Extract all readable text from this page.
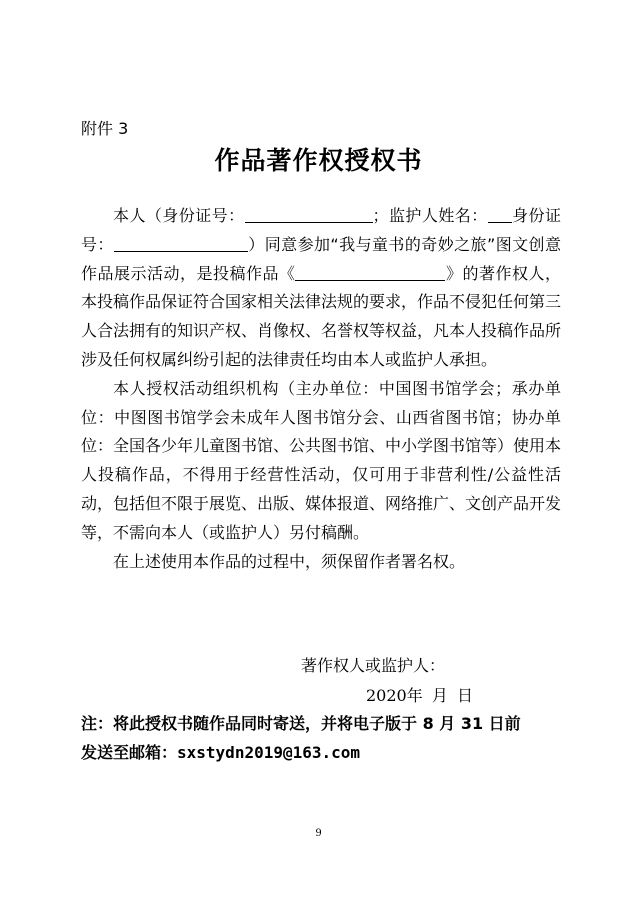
附件 3
作品著作权授权书

本人（身份证号：	；监护人姓名： 身份证号：	）同意参加“我与童书的奇妙之旅”图文创意作品展示活动，是投稿作品《	》的著作权人，本投稿作品保证符合国家相关法律法规的要求，作品不侵犯任何第三人合法拥有的知识产权、肖像权、名誉权等权益，凡本人投稿作品所涉及任何权属纠纷引起的法律责任均由本人或监护人承担。

本人授权活动组织机构（主办单位：中国图书馆学会；承办单位：中图图书馆学会未成年人图书馆分会、山西省图书馆；协办单位：全国各少年儿童图书馆、公共图书馆、中小学图书馆等）使用本人投稿作品，不得用于经营性活动，仅可用于非营利性/公益性活动，包括但不限于展览、出版、媒体报道、网络推广、文创产品开发等，不需向本人（或监护人）另付稿酬。

在上述使用本作品的过程中，须保留作者署名权。

著作权人或监护人：
2020年 月 日

注：将此授权书随作品同时寄送，并将电子版于 8 月 31 日前

发送至邮箱：sxstydn2019@163.com

9
